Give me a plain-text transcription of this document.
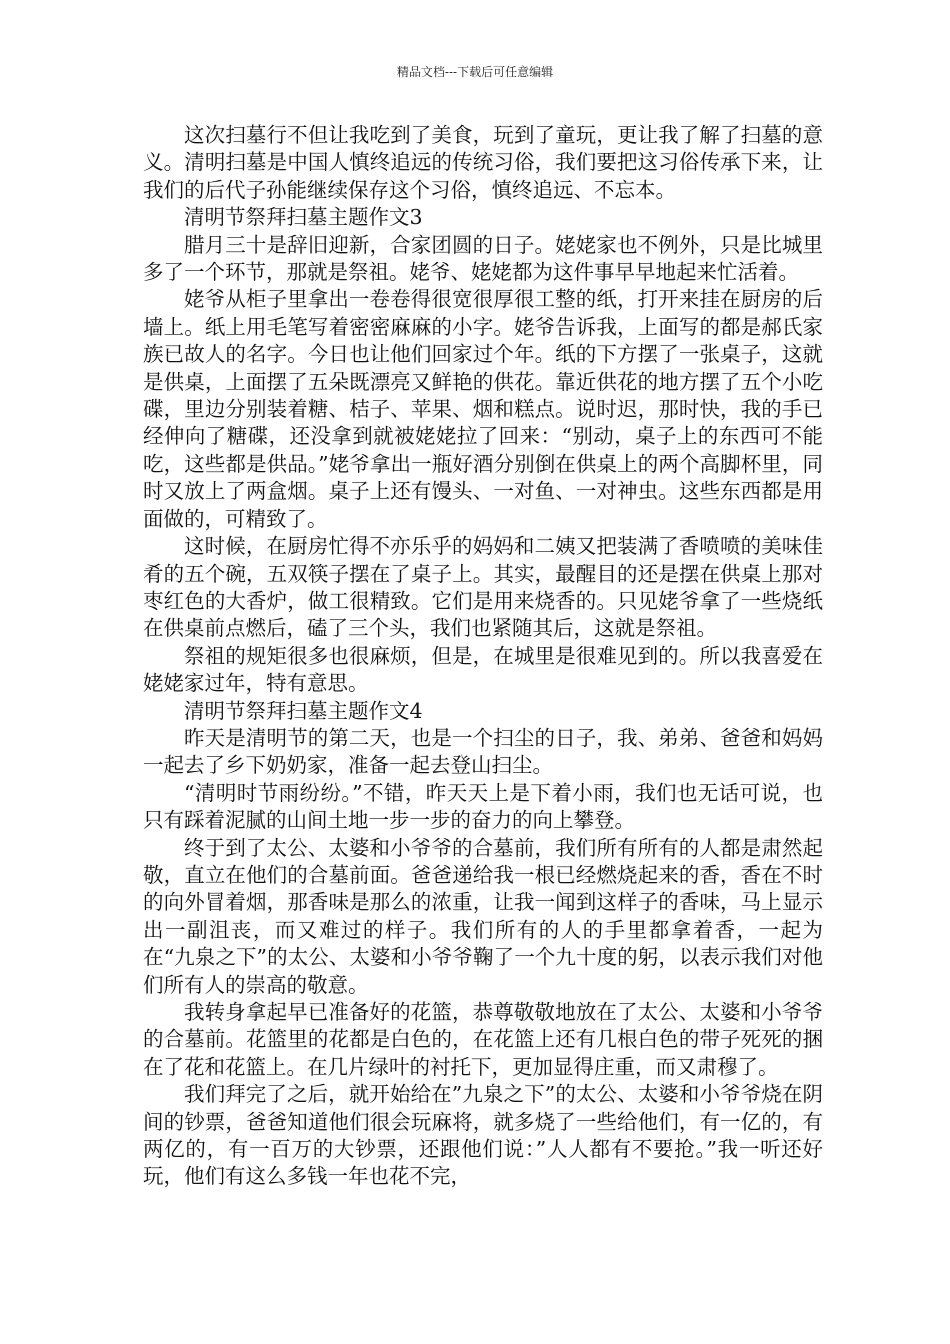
精品文档---下载后可任意编辑

这次扫墓行不但让我吃到了美食，玩到了童玩，更让我了解了扫墓的意义。清明扫墓是中国人慎终追远的传统习俗，我们要把这习俗传承下来，让我们的后代子孙能继续保存这个习俗，慎终追远、不忘本。

清明节祭拜扫墓主题作文3

腊月三十是辞旧迎新，合家团圆的日子。姥姥家也不例外，只是比城里多了一个环节，那就是祭祖。姥爷、姥姥都为这件事早早地起来忙活着。

姥爷从柜子里拿出一卷卷得很宽很厚很工整的纸，打开来挂在厨房的后墙上。纸上用毛笔写着密密麻麻的小字。姥爷告诉我，上面写的都是郝氏家族已故人的名字。今日也让他们回家过个年。纸的下方摆了一张桌子，这就是供桌，上面摆了五朵既漂亮又鲜艳的供花。靠近供花的地方摆了五个小吃碟，里边分别装着糖、桔子、苹果、烟和糕点。说时迟，那时快，我的手已经伸向了糖碟，还没拿到就被姥姥拉了回来：“别动，桌子上的东西可不能吃，这些都是供品。”姥爷拿出一瓶好酒分别倒在供桌上的两个高脚杯里，同时又放上了两盒烟。桌子上还有馒头、一对鱼、一对神虫。这些东西都是用面做的，可精致了。

这时候，在厨房忙得不亦乐乎的妈妈和二姨又把装满了香喷喷的美味佳肴的五个碗，五双筷子摆在了桌子上。其实，最醒目的还是摆在供桌上那对枣红色的大香炉，做工很精致。它们是用来烧香的。只见姥爷拿了一些烧纸在供桌前点燃后，磕了三个头，我们也紧随其后，这就是祭祖。

祭祖的规矩很多也很麻烦，但是，在城里是很难见到的。所以我喜爱在姥姥家过年，特有意思。

清明节祭拜扫墓主题作文4

昨天是清明节的第二天，也是一个扫尘的日子，我、弟弟、爸爸和妈妈一起去了乡下奶奶家，准备一起去登山扫尘。

“清明时节雨纷纷。”不错，昨天天上是下着小雨，我们也无话可说，也只有踩着泥腻的山间土地一步一步的奋力的向上攀登。

终于到了太公、太婆和小爷爷的合墓前，我们所有所有的人都是肃然起敬，直立在他们的合墓前面。爸爸递给我一根已经燃烧起来的香，香在不时的向外冒着烟，那香味是那么的浓重，让我一闻到这样子的香味，马上显示出一副沮丧，而又难过的样子。我们所有的人的手里都拿着香，一起为在“九泉之下”的太公、太婆和小爷爷鞠了一个九十度的躬，以表示我们对他们所有人的崇高的敬意。

我转身拿起早已准备好的花篮，恭尊敬敬地放在了太公、太婆和小爷爷的合墓前。花篮里的花都是白色的，在花篮上还有几根白色的带子死死的捆在了花和花篮上。在几片绿叶的衬托下，更加显得庄重，而又肃穆了。

我们拜完了之后，就开始给在”九泉之下”的太公、太婆和小爷爷烧在阴间的钞票，爸爸知道他们很会玩麻将，就多烧了一些给他们，有一亿的，有两亿的，有一百万的大钞票，还跟他们说：”人人都有不要抢。”我一听还好玩，他们有这么多钱一年也花不完，
